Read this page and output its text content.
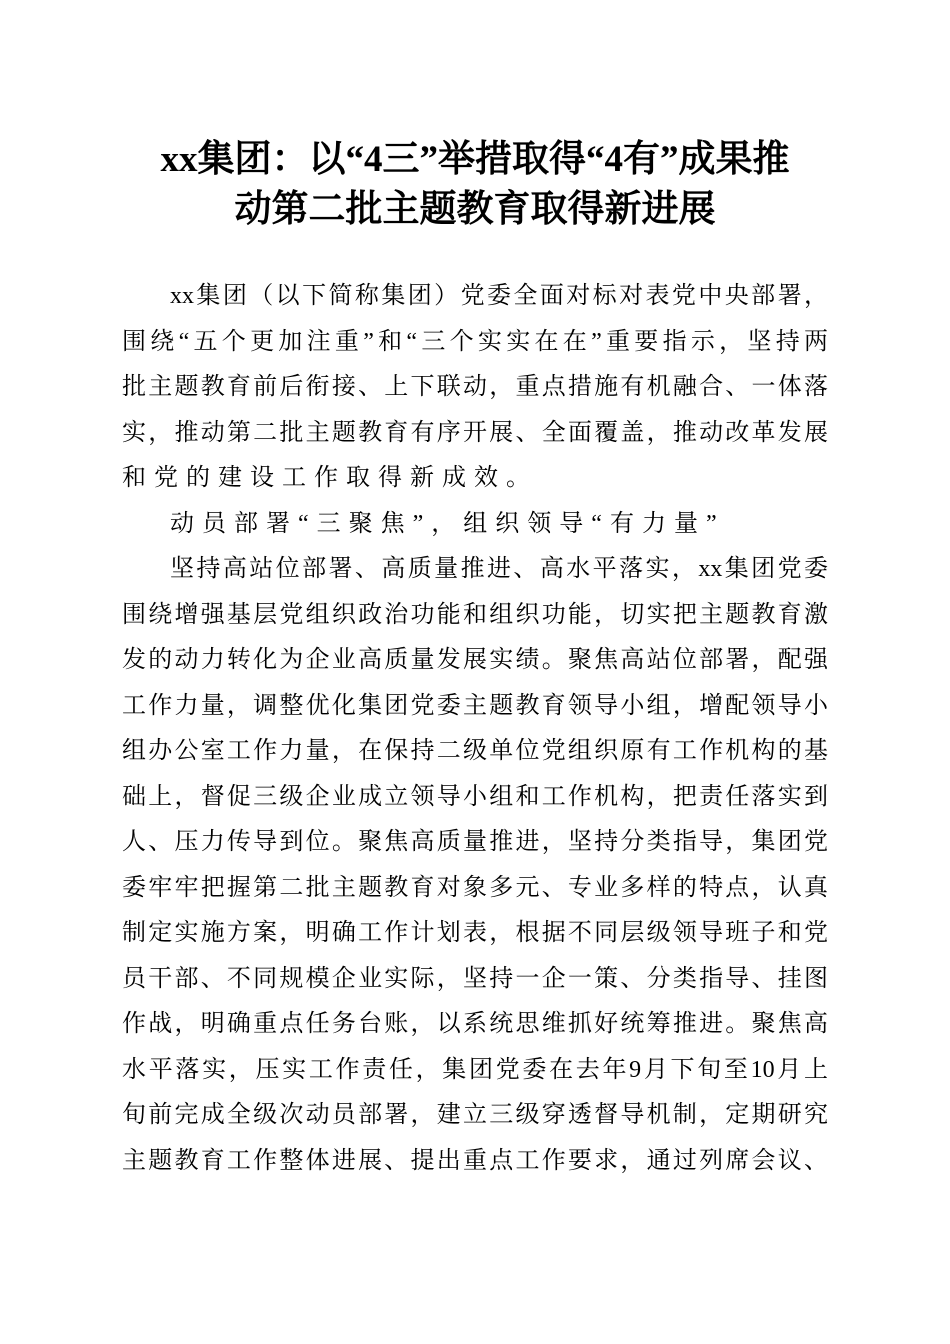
xx集团：以“4三”举措取得“4有”成果推
动第二批主题教育取得新进展
xx集团（以下简称集团）党委全面对标对表党中央部署，
围绕“五个更加注重”和“三个实实在在”重要指示，坚持两
批主题教育前后衔接、上下联动，重点措施有机融合、一体落
实，推动第二批主题教育有序开展、全面覆盖，推动改革发展
和党的建设工作取得新成效。
动员部署“三聚焦”，组织领导“有力量”
坚持高站位部署、高质量推进、高水平落实，xx集团党委
围绕增强基层党组织政治功能和组织功能，切实把主题教育激
发的动力转化为企业高质量发展实绩。聚焦高站位部署，配强
工作力量，调整优化集团党委主题教育领导小组，增配领导小
组办公室工作力量，在保持二级单位党组织原有工作机构的基
础上，督促三级企业成立领导小组和工作机构，把责任落实到
人、压力传导到位。聚焦高质量推进，坚持分类指导，集团党
委牢牢把握第二批主题教育对象多元、专业多样的特点，认真
制定实施方案，明确工作计划表，根据不同层级领导班子和党
员干部、不同规模企业实际，坚持一企一策、分类指导、挂图
作战，明确重点任务台账，以系统思维抓好统筹推进。聚焦高
水平落实，压实工作责任，集团党委在去年9月下旬至10月上
旬前完成全级次动员部署，建立三级穿透督导机制，定期研究
主题教育工作整体进展、提出重点工作要求，通过列席会议、
